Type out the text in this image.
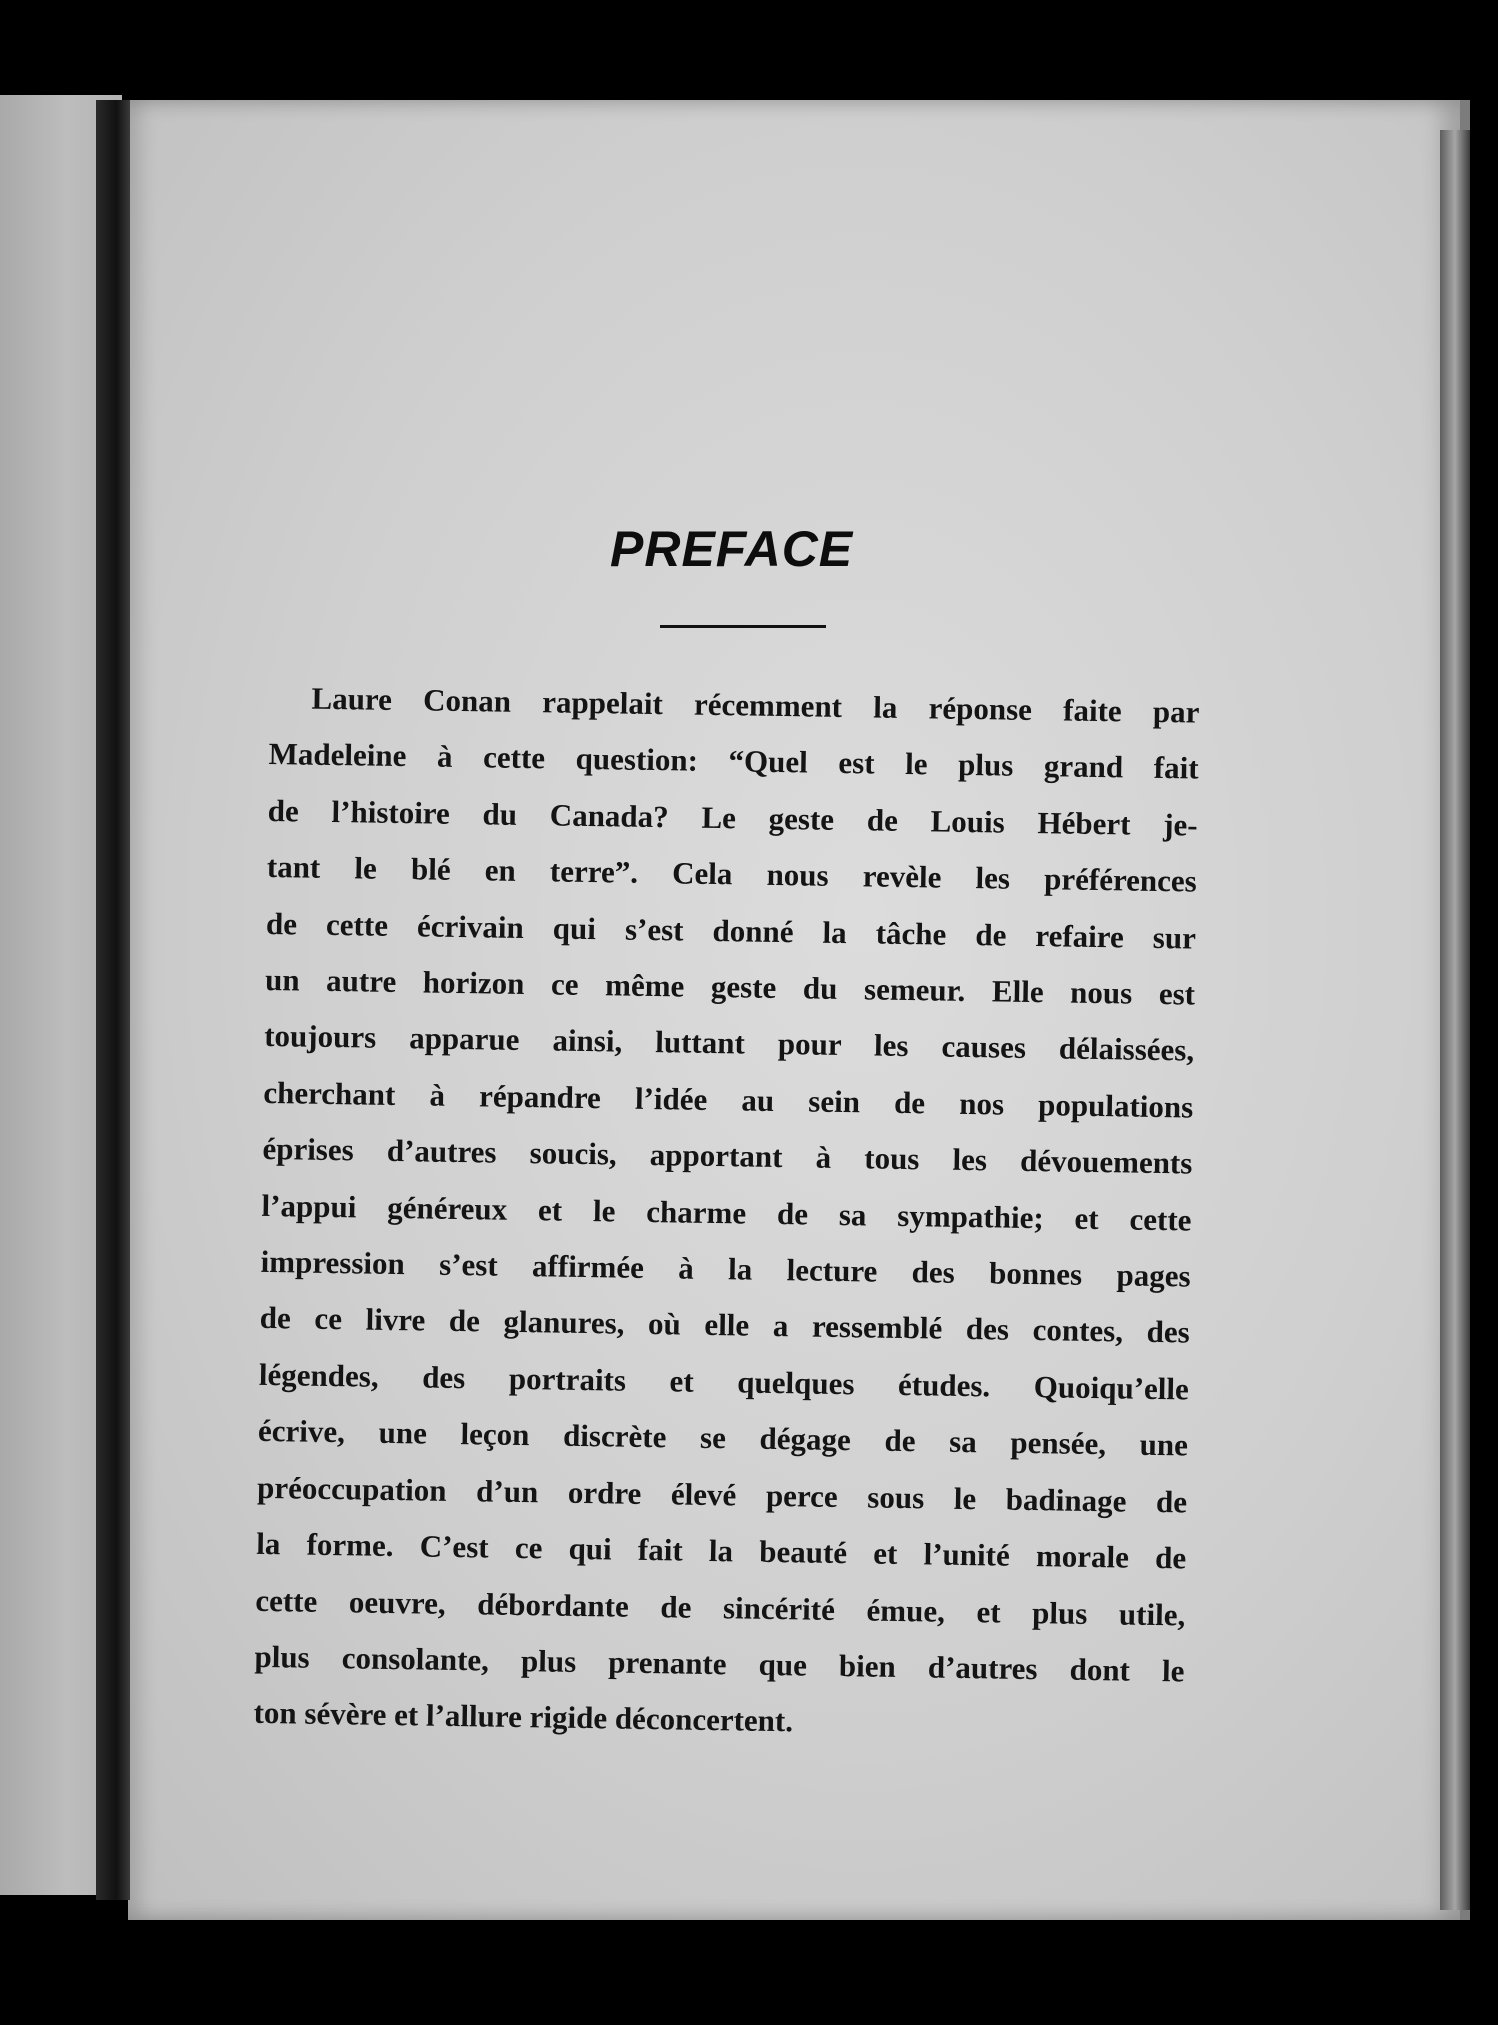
PREFACE

Laure Conan rappelait récemment la réponse faite par
Madeleine à cette question: “Quel est le plus grand fait
de l’histoire du Canada? Le geste de Louis Hébert je-
tant le blé en terre”. Cela nous revèle les préférences
de cette écrivain qui s’est donné la tâche de refaire sur
un autre horizon ce même geste du semeur. Elle nous est
toujours apparue ainsi, luttant pour les causes délaissées,
cherchant à répandre l’idée au sein de nos populations
éprises d’autres soucis, apportant à tous les dévouements
l’appui généreux et le charme de sa sympathie; et cette
impression s’est affirmée à la lecture des bonnes pages
de ce livre de glanures, où elle a ressemblé des contes, des
légendes, des portraits et quelques études. Quoiqu’elle
écrive, une leçon discrète se dégage de sa pensée, une
préoccupation d’un ordre élevé perce sous le badinage de
la forme. C’est ce qui fait la beauté et l’unité morale de
cette oeuvre, débordante de sincérité émue, et plus utile,
plus consolante, plus prenante que bien d’autres dont le
ton sévère et l’allure rigide déconcertent.
